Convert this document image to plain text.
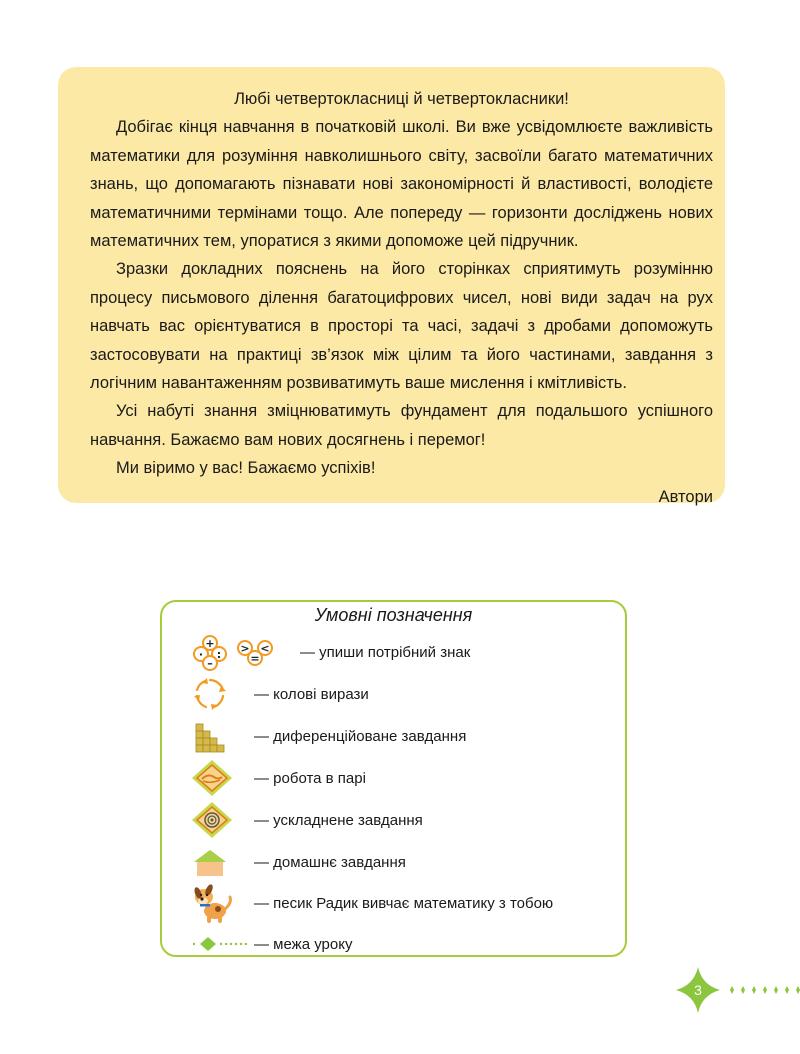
Любі четвертокласниці й четвертокласники!

Добігає кінця навчання в початковій школі. Ви вже усвідомлюєте важливість математики для розуміння навколишнього світу, засвоїли багато математичних знань, що допомагають пізнавати нові закономірності й властивості, володієте математичними термінами тощо. Але попереду — горизонти досліджень нових математичних тем, упоратися з якими допоможе цей підручник.

Зразки докладних пояснень на його сторінках сприятимуть розумінню процесу письмового ділення багатоцифрових чисел, нові види задач на рух навчать вас орієнтуватися в просторі та часі, задачі з дробами допоможуть застосовувати на практиці зв’язок між цілим та його частинами, завдання з логічним навантаженням розвиватимуть ваше мислення і кмітливість.

Усі набуті знання зміцнюватимуть фундамент для подальшого успішного навчання. Бажаємо вам нових досягнень і перемог!

Ми віримо у вас! Бажаємо успіхів!

Автори

Умовні позначення
+
· :
–
>
=
< — упиши потрібний знак
— колові вирази
— диференційоване завдання
— робота в парі
— ускладнене завдання
— домашнє завдання
— песик Радик вивчає математику з тобою
— межа уроку
3
